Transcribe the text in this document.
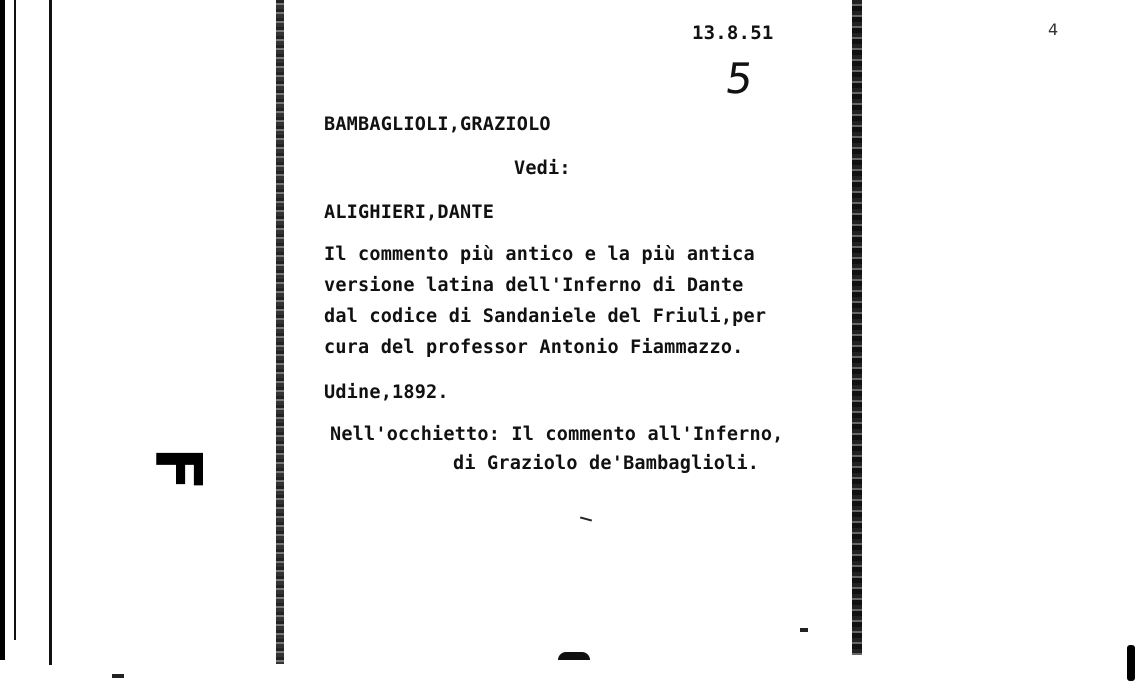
F
13.8.51
5
BAMBAGLIOLI,GRAZIOLO
Vedi:
ALIGHIERI,DANTE
Il commento più antico e la più antica
versione latina dell'Inferno di Dante
dal codice di Sandaniele del Friuli,per
cura del professor Antonio Fiammazzo.
Udine,1892.
Nell'occhietto: Il commento all'Inferno,
di Graziolo de'Bambaglioli.
4
